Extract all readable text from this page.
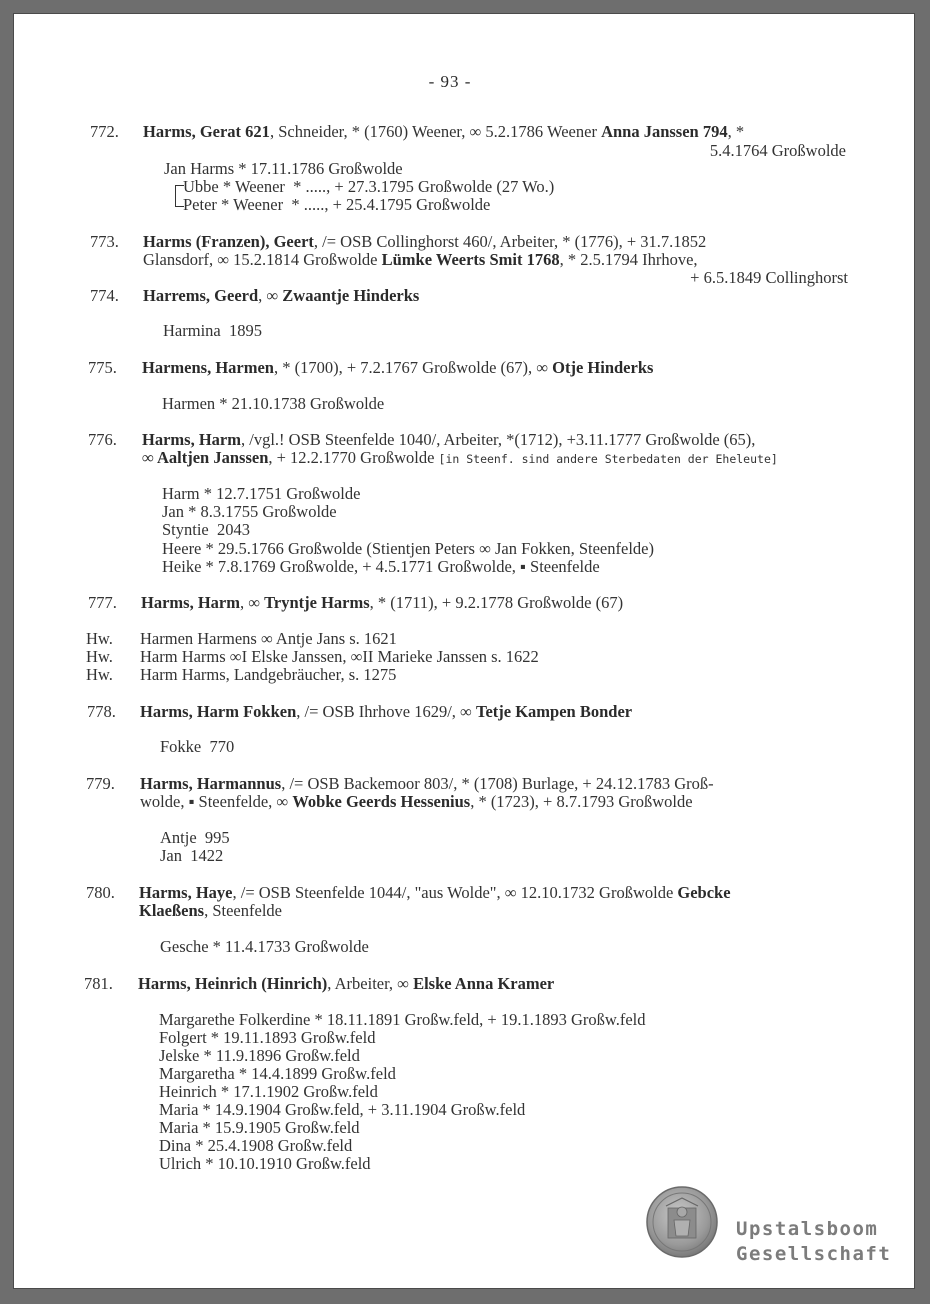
- 93 -
772. Harms, Gerat 621, Schneider, * (1760) Weener, ∞ 5.2.1786 Weener Anna Janssen 794, *
5.4.1764 Großwolde
Jan Harms * 17.11.1786 Großwolde
Ubbe * Weener  * ....., + 27.3.1795 Großwolde (27 Wo.)
Peter * Weener  * ....., + 25.4.1795 Großwolde
773. Harms (Franzen), Geert, /= OSB Collinghorst 460/, Arbeiter, * (1776), + 31.7.1852
Glansdorf, ∞ 15.2.1814 Großwolde Lümke Weerts Smit 1768, * 2.5.1794 Ihrhove,
+ 6.5.1849 Collinghorst
774. Harrems, Geerd, ∞ Zwaantje Hinderks
Harmina  1895
775. Harmens, Harmen, * (1700), + 7.2.1767 Großwolde (67), ∞ Otje Hinderks
Harmen * 21.10.1738 Großwolde
776. Harms, Harm, /vgl.! OSB Steenfelde 1040/, Arbeiter, *(1712), +3.11.1777 Großwolde (65),
∞ Aaltjen Janssen, + 12.2.1770 Großwolde [in Steenf. sind andere Sterbedaten der Eheleute]
Harm * 12.7.1751 Großwolde
Jan * 8.3.1755 Großwolde
Styntie  2043
Heere * 29.5.1766 Großwolde (Stientjen Peters ∞ Jan Fokken, Steenfelde)
Heike * 7.8.1769 Großwolde, + 4.5.1771 Großwolde, ▪ Steenfelde
777. Harms, Harm, ∞ Tryntje Harms, * (1711), + 9.2.1778 Großwolde (67)
Hw. Harmen Harmens ∞ Antje Jans s. 1621
Hw. Harm Harms ∞I Elske Janssen, ∞II Marieke Janssen s. 1622
Hw. Harm Harms, Landgebräucher, s. 1275
778. Harms, Harm Fokken, /= OSB Ihrhove 1629/, ∞ Tetje Kampen Bonder
Fokke  770
779. Harms, Harmannus, /= OSB Backemoor 803/, * (1708) Burlage, + 24.12.1783 Groß-
wolde, ▪ Steenfelde, ∞ Wobke Geerds Hessenius, * (1723), + 8.7.1793 Großwolde
Antje  995
Jan  1422
780. Harms, Haye, /= OSB Steenfelde 1044/, "aus Wolde", ∞ 12.10.1732 Großwolde Gebcke
Klaeßens, Steenfelde
Gesche * 11.4.1733 Großwolde
781. Harms, Heinrich (Hinrich), Arbeiter, ∞ Elske Anna Kramer
Margarethe Folkerdine * 18.11.1891 Großw.feld, + 19.1.1893 Großw.feld
Folgert * 19.11.1893 Großw.feld
Jelske * 11.9.1896 Großw.feld
Margaretha * 14.4.1899 Großw.feld
Heinrich * 17.1.1902 Großw.feld
Maria * 14.9.1904 Großw.feld, + 3.11.1904 Großw.feld
Maria * 15.9.1905 Großw.feld
Dina * 25.4.1908 Großw.feld
Ulrich * 10.10.1910 Großw.feld
Upstalsboom
Gesellschaft
